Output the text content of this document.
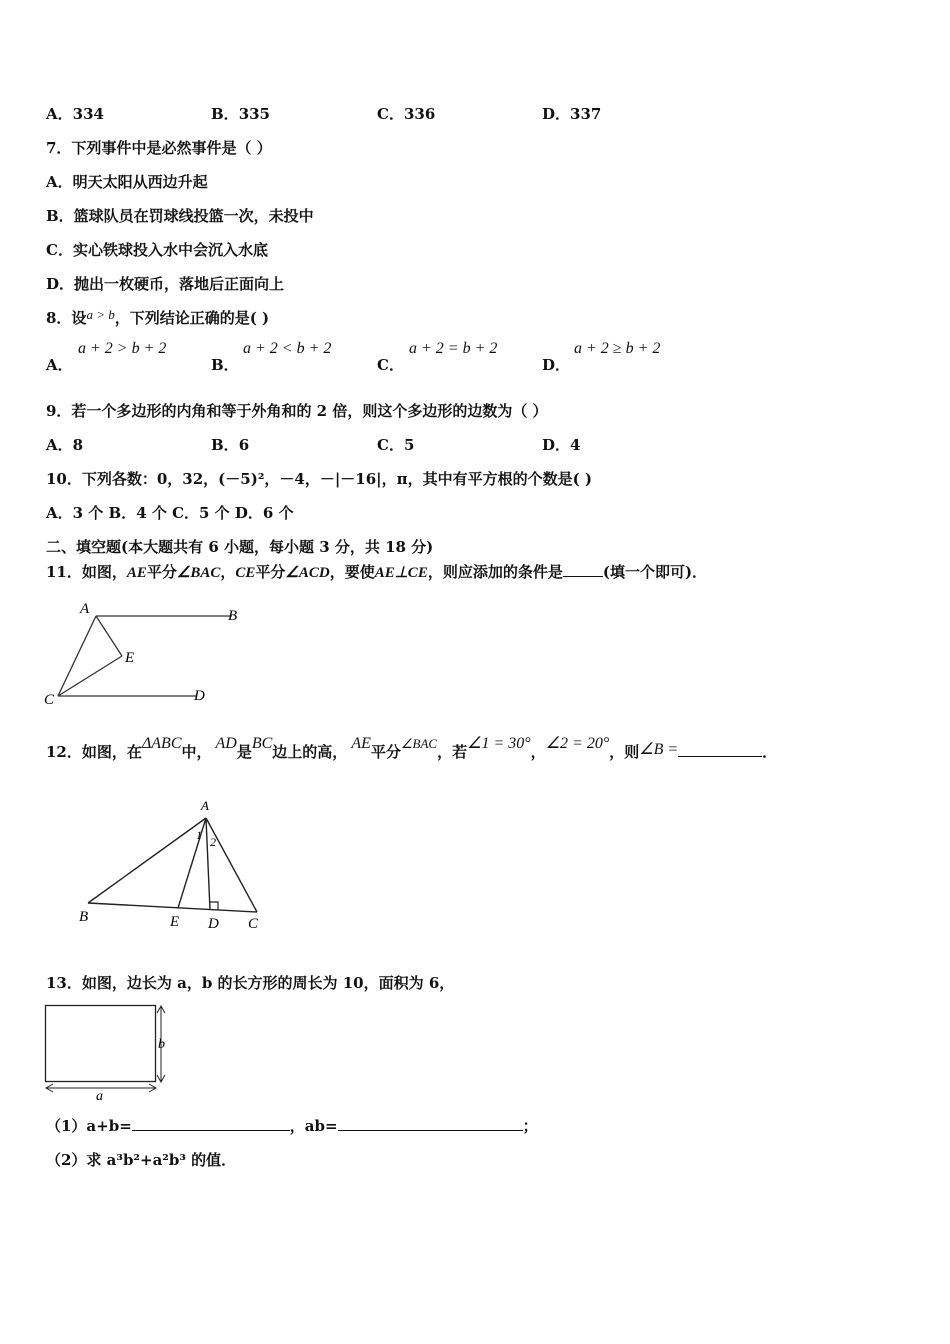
A．334	B．335	C．336	D．337
7．下列事件中是必然事件是（ ）
A．明天太阳从西边升起
B．篮球队员在罚球线投篮一次，未投中
C．实心铁球投入水中会沉入水底
D．抛出一枚硬币，落地后正面向上
8．设a > b，下列结论正确的是( )
A．
a + 2 > b + 2
B．
a + 2 < b + 2
C．
a + 2 = b + 2
D．
a + 2 ≥ b + 2
9．若一个多边形的内角和等于外角和的 2 倍，则这个多边形的边数为（ ）
A．8	B．6	C．5	D．4
10．下列各数：0，32，(－5)²，－4，－|－16|，π，其中有平方根的个数是( )
A．3 个 B．4 个 C．5 个 D．6 个
二、填空题(本大题共有 6 小题，每小题 3 分，共 18 分)
11．如图，AE平分∠BAC，CE平分∠ACD，要使AE⊥CE，则应添加的条件是	(填一个即可)．
A	B
C	D
E
12．如图，在ΔABC中， AD是BC边上的高， AE平分∠BAC，若∠1 = 30°，∠2 = 20°，则∠B =	．
A
B	E D C
1 2
13．如图，边长为 a，b 的长方形的周长为 10，面积为 6，
b
a
（1）a+b=	，ab=	；
（2）求 a³b²+a²b³ 的值．
